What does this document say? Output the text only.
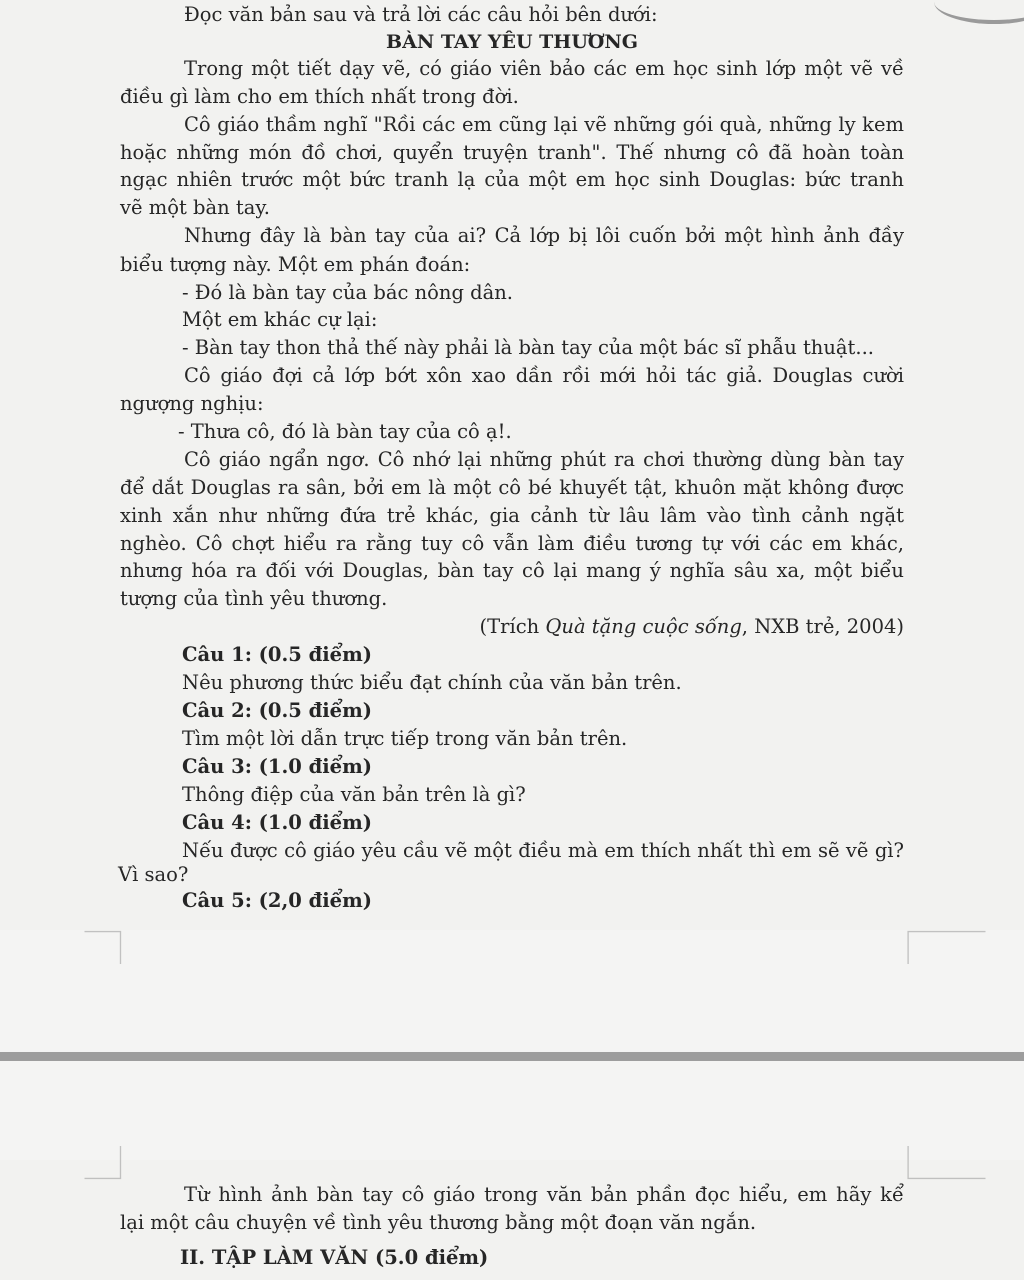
Đọc văn bản sau và trả lời các câu hỏi bên dưới:

BÀN TAY YÊU THƯƠNG

Trong một tiết dạy vẽ, có giáo viên bảo các em học sinh lớp một vẽ về

điều gì làm cho em thích nhất trong đời.

Cô giáo thầm nghĩ "Rồi các em cũng lại vẽ những gói quà, những ly kem

hoặc những món đồ chơi, quyển truyện tranh". Thế nhưng cô đã hoàn toàn

ngạc nhiên trước một bức tranh lạ của một em học sinh Douglas: bức tranh

vẽ một bàn tay.

Nhưng đây là bàn tay của ai? Cả lớp bị lôi cuốn bởi một hình ảnh đầy

biểu tượng này. Một em phán đoán:

- Đó là bàn tay của bác nông dân.

Một em khác cự lại:

- Bàn tay thon thả thế này phải là bàn tay của một bác sĩ phẫu thuật...

Cô giáo đợi cả lớp bớt xôn xao dần rồi mới hỏi tác giả. Douglas cười

ngượng nghịu:

- Thưa cô, đó là bàn tay của cô ạ!.

Cô giáo ngẩn ngơ. Cô nhớ lại những phút ra chơi thường dùng bàn tay

để dắt Douglas ra sân, bởi em là một cô bé khuyết tật, khuôn mặt không được

xinh xắn như những đứa trẻ khác, gia cảnh từ lâu lâm vào tình cảnh ngặt

nghèo. Cô chợt hiểu ra rằng tuy cô vẫn làm điều tương tự với các em khác,

nhưng hóa ra đối với Douglas, bàn tay cô lại mang ý nghĩa sâu xa, một biểu

tượng của tình yêu thương.

(Trích Quà tặng cuộc sống, NXB trẻ, 2004)

Câu 1: (0.5 điểm)

Nêu phương thức biểu đạt chính của văn bản trên.

Câu 2: (0.5 điểm)

Tìm một lời dẫn trực tiếp trong văn bản trên.

Câu 3: (1.0 điểm)

Thông điệp của văn bản trên là gì?

Câu 4: (1.0 điểm)

Nếu được cô giáo yêu cầu vẽ một điều mà em thích nhất thì em sẽ vẽ gì?

Vì sao?

Câu 5: (2,0 điểm)

Từ hình ảnh bàn tay cô giáo trong văn bản phần đọc hiểu, em hãy kể

lại một câu chuyện về tình yêu thương bằng một đoạn văn ngắn.

II. TẬP LÀM VĂN (5.0 điểm)
